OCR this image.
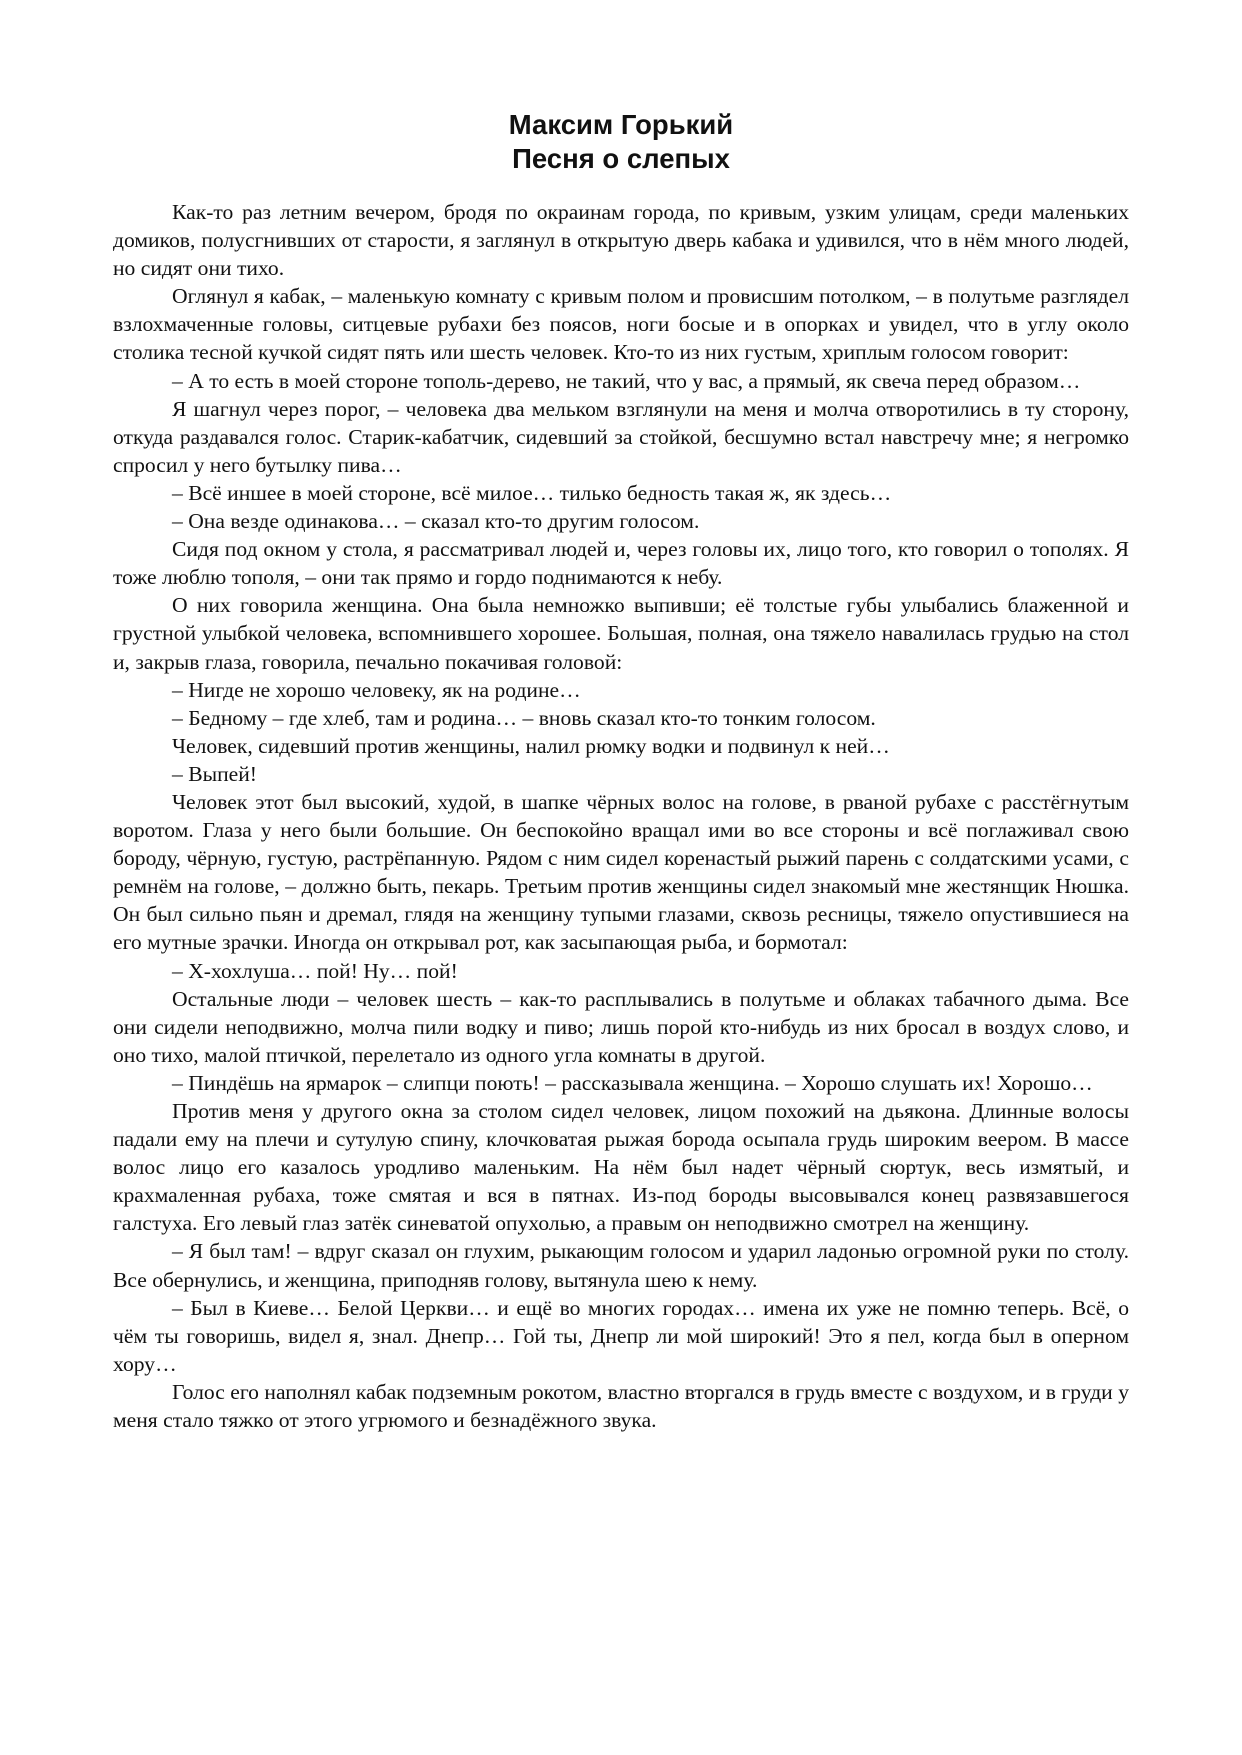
Максим Горький
Песня о слепых

Как-то раз летним вечером, бродя по окраинам города, по кривым, узким улицам, среди маленьких домиков, полусгнивших от старости, я заглянул в открытую дверь кабака и удивился, что в нём много людей, но сидят они тихо.

Оглянул я кабак, – маленькую комнату с кривым полом и провисшим потолком, – в полутьме разглядел взлохмаченные головы, ситцевые рубахи без поясов, ноги босые и в опорках и увидел, что в углу около столика тесной кучкой сидят пять или шесть человек. Кто-то из них густым, хриплым голосом говорит:

– А то есть в моей стороне тополь-дерево, не такий, что у вас, а прямый, як свеча перед образом…

Я шагнул через порог, – человека два мельком взглянули на меня и молча отворотились в ту сторону, откуда раздавался голос. Старик-кабатчик, сидевший за стойкой, бесшумно встал навстречу мне; я негромко спросил у него бутылку пива…

– Всё иншее в моей стороне, всё милое… тилько бедность такая ж, як здесь…

– Она везде одинакова… – сказал кто-то другим голосом.

Сидя под окном у стола, я рассматривал людей и, через головы их, лицо того, кто говорил о тополях. Я тоже люблю тополя, – они так прямо и гордо поднимаются к небу.

О них говорила женщина. Она была немножко выпивши; её толстые губы улыбались блаженной и грустной улыбкой человека, вспомнившего хорошее. Большая, полная, она тяжело навалилась грудью на стол и, закрыв глаза, говорила, печально покачивая головой:

– Нигде не хорошо человеку, як на родине…

– Бедному – где хлеб, там и родина… – вновь сказал кто-то тонким голосом.

Человек, сидевший против женщины, налил рюмку водки и подвинул к ней…

– Выпей!

Человек этот был высокий, худой, в шапке чёрных волос на голове, в рваной рубахе с расстёгнутым воротом. Глаза у него были большие. Он беспокойно вращал ими во все стороны и всё поглаживал свою бороду, чёрную, густую, растрёпанную. Рядом с ним сидел коренастый рыжий парень с солдатскими усами, с ремнём на голове, – должно быть, пекарь. Третьим против женщины сидел знакомый мне жестянщик Нюшка. Он был сильно пьян и дремал, глядя на женщину тупыми глазами, сквозь ресницы, тяжело опустившиеся на его мутные зрачки. Иногда он открывал рот, как засыпающая рыба, и бормотал:

– Х-хохлуша… пой! Ну… пой!

Остальные люди – человек шесть – как-то расплывались в полутьме и облаках табачного дыма. Все они сидели неподвижно, молча пили водку и пиво; лишь порой кто-нибудь из них бросал в воздух слово, и оно тихо, малой птичкой, перелетало из одного угла комнаты в другой.

– Пиндёшь на ярмарок – слипци поють! – рассказывала женщина. – Хорошо слушать их! Хорошо…

Против меня у другого окна за столом сидел человек, лицом похожий на дьякона. Длинные волосы падали ему на плечи и сутулую спину, клочковатая рыжая борода осыпала грудь широким веером. В массе волос лицо его казалось уродливо маленьким. На нём был надет чёрный сюртук, весь измятый, и крахмаленная рубаха, тоже смятая и вся в пятнах. Из-под бороды высовывался конец развязавшегося галстуха. Его левый глаз затёк синеватой опухолью, а правым он неподвижно смотрел на женщину.

– Я был там! – вдруг сказал он глухим, рыкающим голосом и ударил ладонью огромной руки по столу. Все обернулись, и женщина, приподняв голову, вытянула шею к нему.

– Был в Киеве… Белой Церкви… и ещё во многих городах… имена их уже не помню теперь. Всё, о чём ты говоришь, видел я, знал. Днепр… Гой ты, Днепр ли мой широкий! Это я пел, когда был в оперном хору…

Голос его наполнял кабак подземным рокотом, властно вторгался в грудь вместе с воздухом, и в груди у меня стало тяжко от этого угрюмого и безнадёжного звука.
